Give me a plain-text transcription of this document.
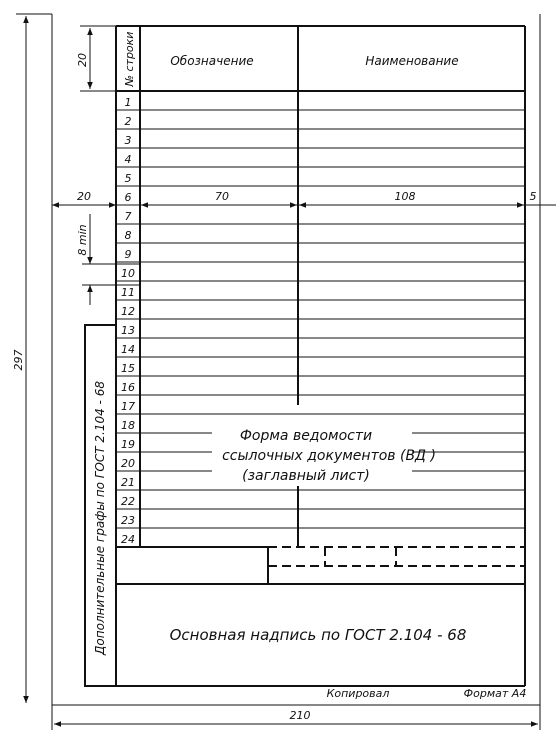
№ строки	Обозначение	Наименование
1
2
3
4
5
6
7
8
9
10
11
12
13
14
15
16
17
18
19
20
21
22
23
24
Дополнительные графы по ГОСТ 2.104 - 68	Форма ведомости
ссылочных документов (ВД )
(заглавный лист)
Основная надпись по ГОСТ 2.104 - 68
Копировал	Формат А4
20
20	70	108	5
8 min
297
210
